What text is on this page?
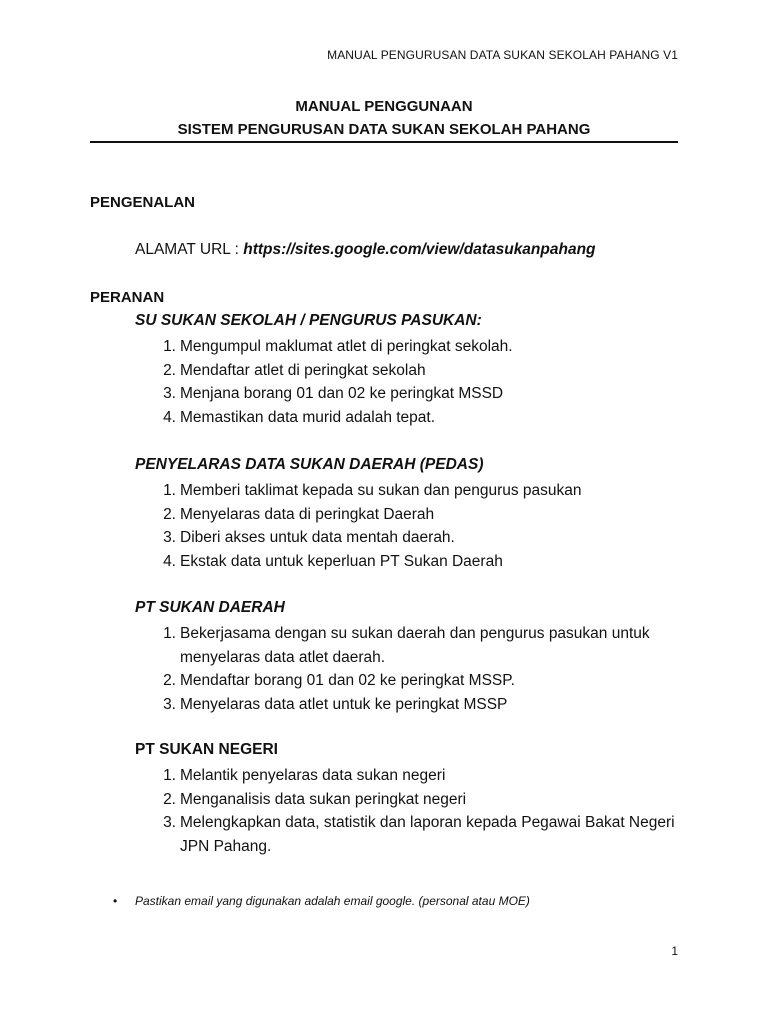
MANUAL PENGURUSAN DATA SUKAN SEKOLAH PAHANG V1
MANUAL PENGGUNAAN
SISTEM PENGURUSAN DATA SUKAN SEKOLAH PAHANG
PENGENALAN
ALAMAT URL : https://sites.google.com/view/datasukanpahang
PERANAN
SU SUKAN SEKOLAH / PENGURUS PASUKAN:
1. Mengumpul maklumat atlet di peringkat sekolah.
2. Mendaftar atlet di peringkat sekolah
3. Menjana borang 01 dan 02 ke peringkat MSSD
4. Memastikan data murid adalah tepat.
PENYELARAS DATA SUKAN DAERAH (PEDAS)
1. Memberi taklimat kepada su sukan dan pengurus pasukan
2. Menyelaras data di peringkat Daerah
3. Diberi akses untuk data mentah daerah.
4. Ekstak data untuk keperluan PT Sukan Daerah
PT SUKAN DAERAH
1. Bekerjasama dengan su sukan daerah dan pengurus pasukan untuk menyelaras data atlet daerah.
2. Mendaftar borang 01 dan 02 ke peringkat MSSP.
3. Menyelaras data atlet untuk ke peringkat MSSP
PT SUKAN NEGERI
1. Melantik penyelaras data sukan negeri
2. Menganalisis data sukan peringkat negeri
3. Melengkapkan data, statistik dan laporan kepada Pegawai Bakat Negeri JPN Pahang.
• Pastikan email yang digunakan adalah email google. (personal atau MOE)
1
